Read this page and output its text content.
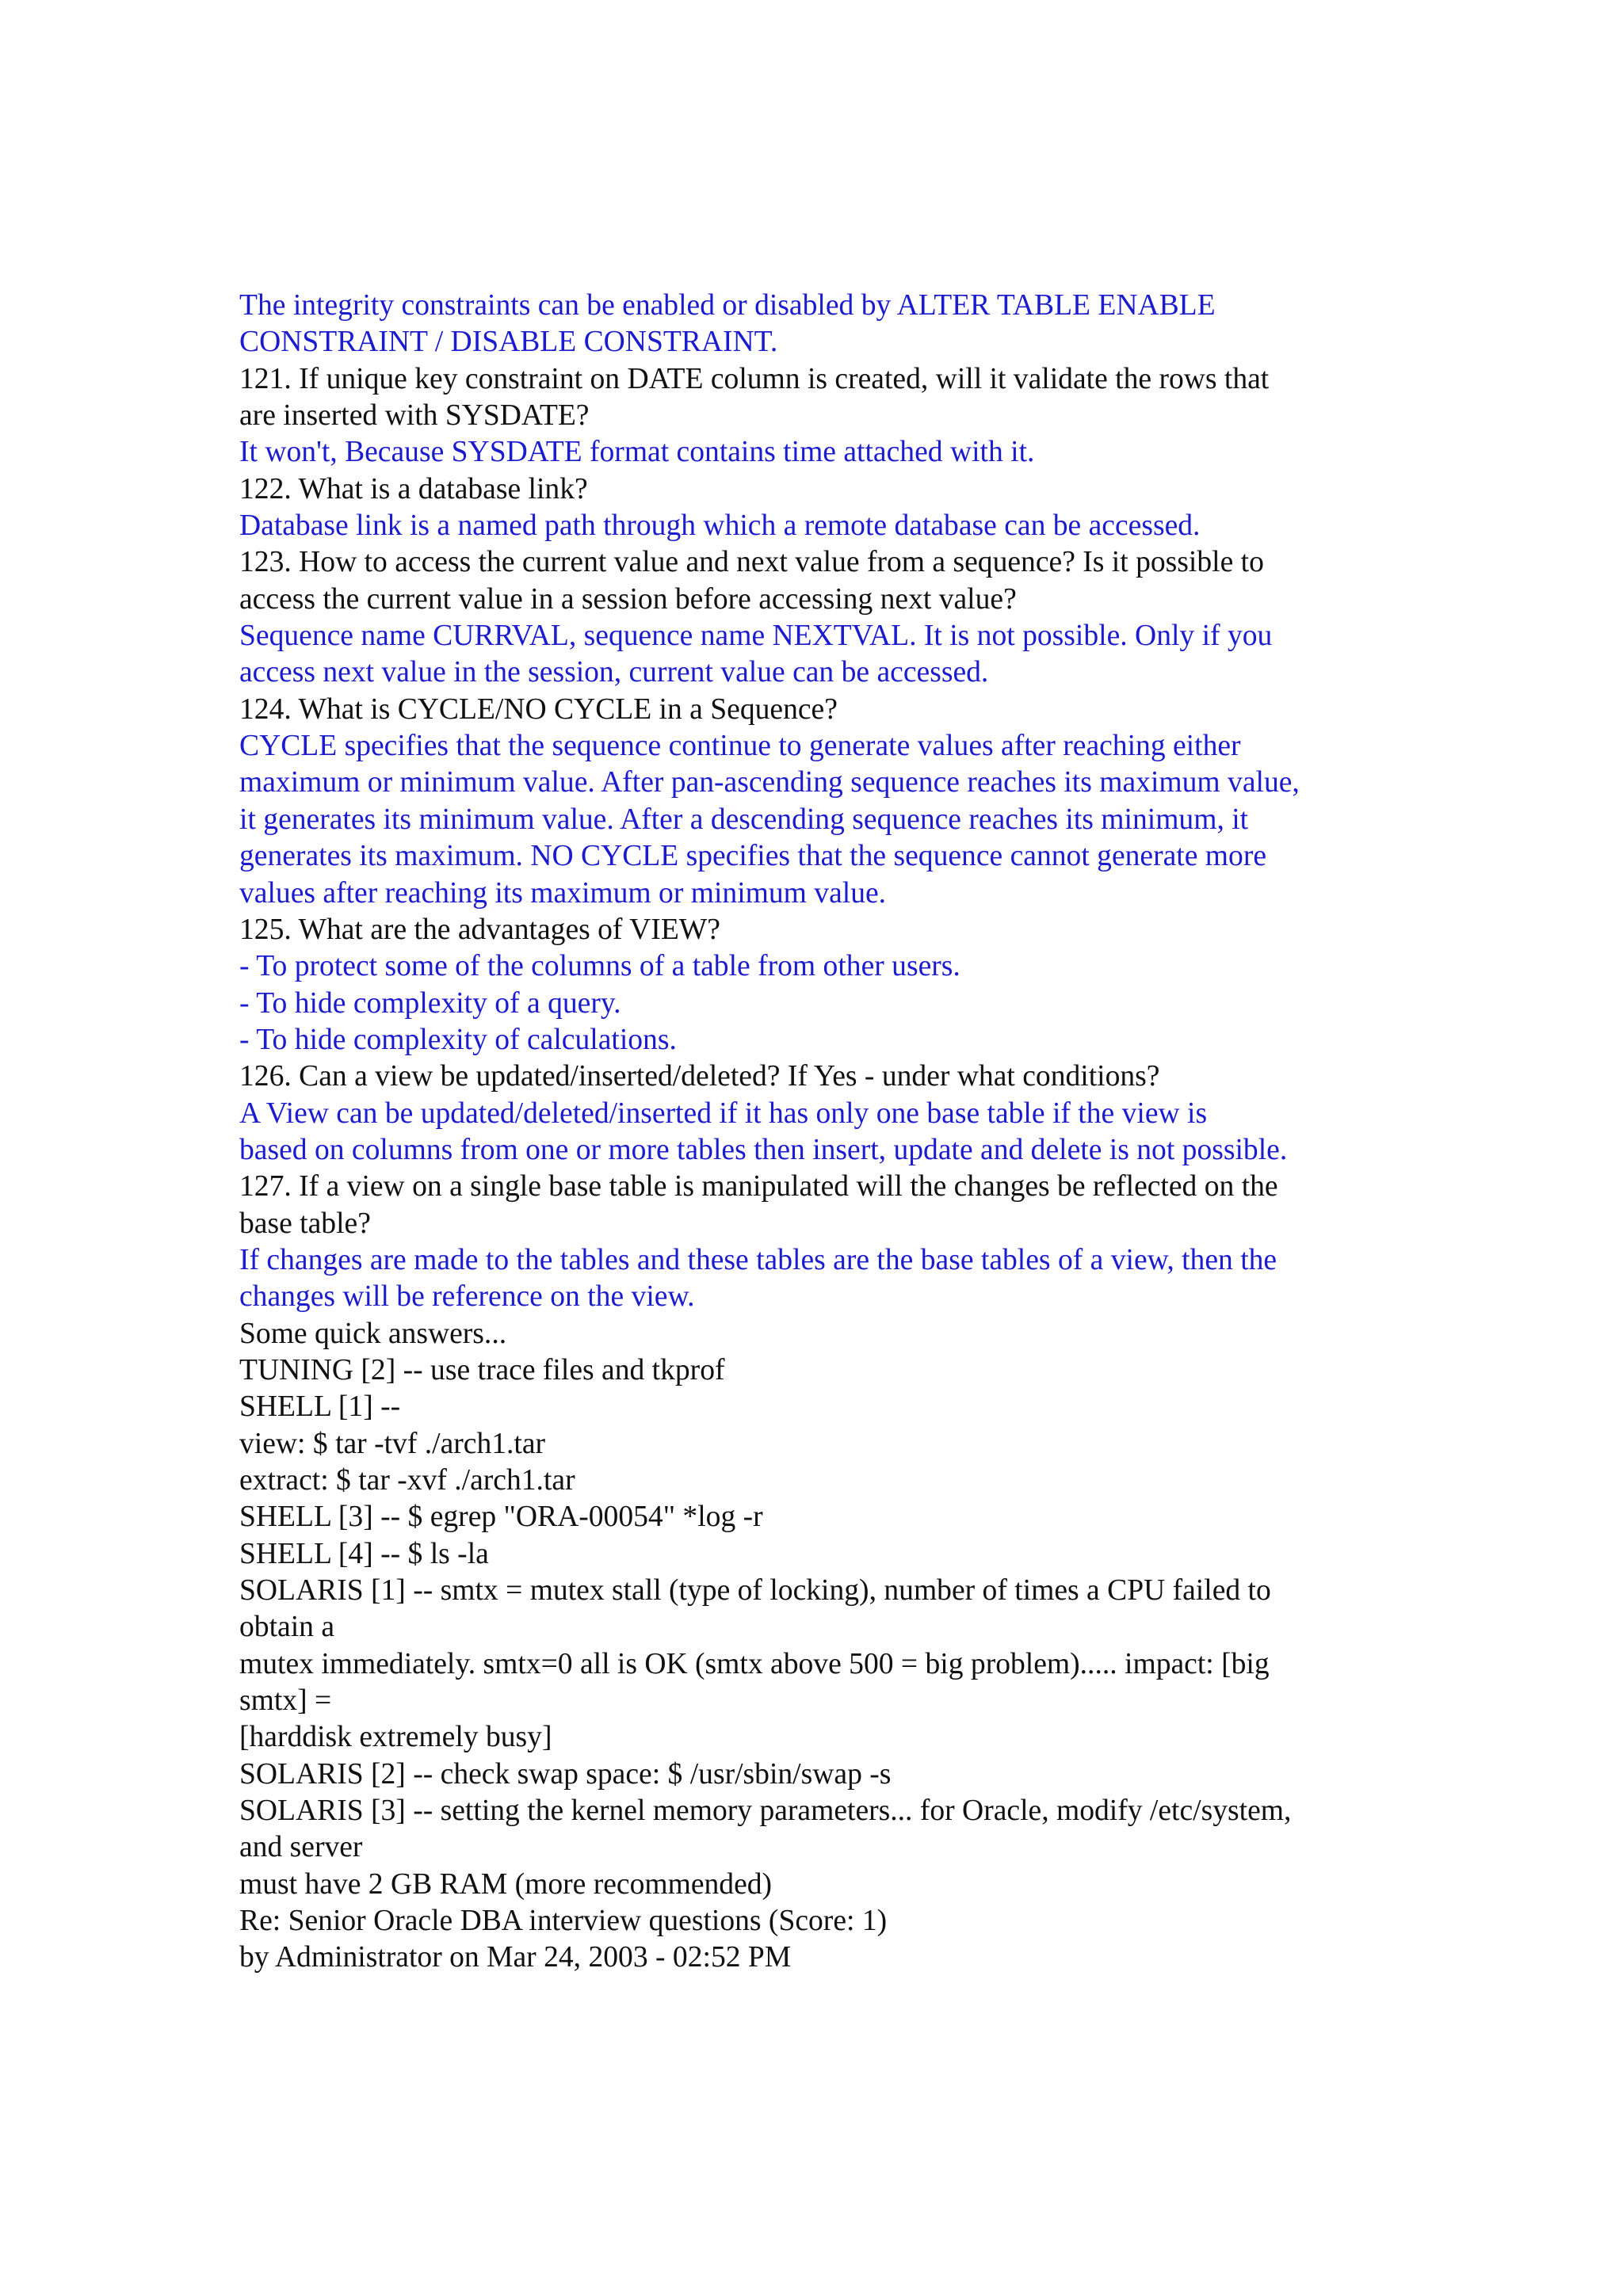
The integrity constraints can be enabled or disabled by ALTER TABLE ENABLE
CONSTRAINT / DISABLE CONSTRAINT.
121. If unique key constraint on DATE column is created, will it validate the rows that
are inserted with SYSDATE?
It won't, Because SYSDATE format contains time attached with it.
122. What is a database link?
Database link is a named path through which a remote database can be accessed.
123. How to access the current value and next value from a sequence? Is it possible to
access the current value in a session before accessing next value?
Sequence name CURRVAL, sequence name NEXTVAL. It is not possible. Only if you
access next value in the session, current value can be accessed.
124. What is CYCLE/NO CYCLE in a Sequence?
CYCLE specifies that the sequence continue to generate values after reaching either
maximum or minimum value. After pan-ascending sequence reaches its maximum value,
it generates its minimum value. After a descending sequence reaches its minimum, it
generates its maximum. NO CYCLE specifies that the sequence cannot generate more
values after reaching its maximum or minimum value.
125. What are the advantages of VIEW?
- To protect some of the columns of a table from other users.
- To hide complexity of a query.
- To hide complexity of calculations.
126. Can a view be updated/inserted/deleted? If Yes - under what conditions?
A View can be updated/deleted/inserted if it has only one base table if the view is
based on columns from one or more tables then insert, update and delete is not possible.
127. If a view on a single base table is manipulated will the changes be reflected on the
base table?
If changes are made to the tables and these tables are the base tables of a view, then the
changes will be reference on the view.
Some quick answers...
TUNING [2] -- use trace files and tkprof
SHELL [1] --
view: $ tar -tvf ./arch1.tar
extract: $ tar -xvf ./arch1.tar
SHELL [3] -- $ egrep "ORA-00054" *log -r
SHELL [4] -- $ ls -la
SOLARIS [1] -- smtx = mutex stall (type of locking), number of times a CPU failed to
obtain a
mutex immediately. smtx=0 all is OK (smtx above 500 = big problem)..... impact: [big
smtx] =
[harddisk extremely busy]
SOLARIS [2] -- check swap space: $ /usr/sbin/swap -s
SOLARIS [3] -- setting the kernel memory parameters... for Oracle, modify /etc/system,
and server
must have 2 GB RAM (more recommended)
Re: Senior Oracle DBA interview questions (Score: 1)
by Administrator on Mar 24, 2003 - 02:52 PM
